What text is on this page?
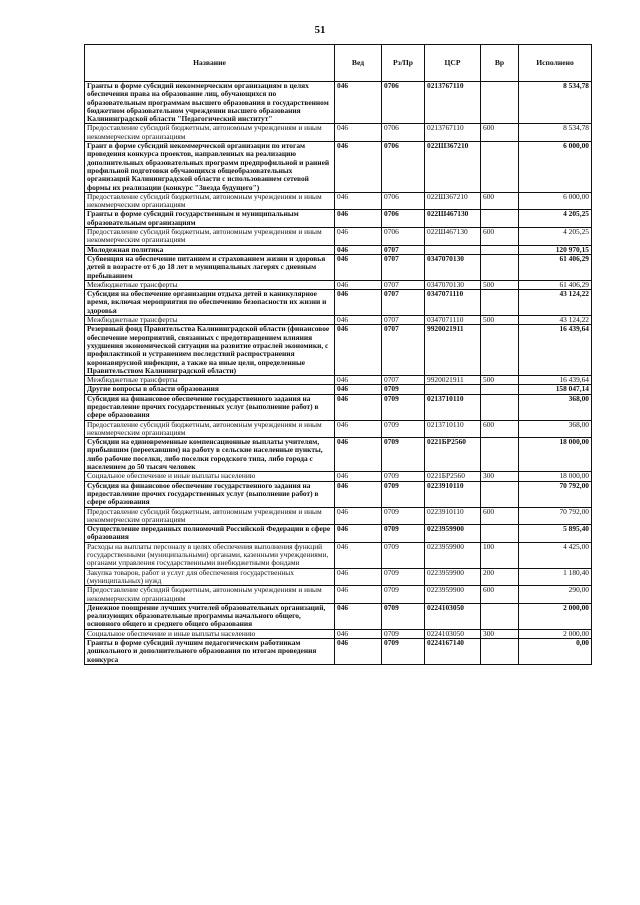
51
Название	Вед	Рз/Пр	ЦСР	Вр	Исполнено
Гранты в форме субсидий некоммерческим организациям в целях обеспечения права на образование лиц, обучающихся по образовательным программам высшего образования в государственном бюджетном образовательном учреждении высшего образования Калининградской области "Педагогический институт"	046	0706	0213767110		8 534,78
Предоставление субсидий бюджетным, автономным учреждениям и иным некоммерческим организациям	046	0706	0213767110	600	8 534,78
Грант в форме субсидий некоммерческой организации по итогам проведения конкурса проектов, направленных на реализацию дополнительных образовательных программ предпрофильной и ранней профильной подготовки обучающихся общеобразовательных организаций Калининградской области с использованием сетевой формы их реализации (конкурс "Звезда будущего")	046	0706	022Ш367210		6 000,00
Предоставление субсидий бюджетным, автономным учреждениям и иным некоммерческим организациям	046	0706	022Ш367210	600	6 000,00
Гранты в форме субсидий государственным и муниципальным образовательным организациям	046	0706	022Ш467130		4 205,25
Предоставление субсидий бюджетным, автономным учреждениям и иным некоммерческим организациям	046	0706	022Ш467130	600	4 205,25
Молодежная политика	046	0707			120 970,15
Субвенция на обеспечение питанием и страхованием жизни и здоровья детей в возрасте от 6 до 18 лет в муниципальных лагерях с дневным пребыванием	046	0707	0347070130		61 406,29
Межбюджетные трансферты	046	0707	0347070130	500	61 406,29
Субсидия на обеспечение организации отдыха детей в каникулярное время, включая мероприятия по обеспечению безопасности их жизни и здоровья	046	0707	0347071110		43 124,22
Межбюджетные трансферты	046	0707	0347071110	500	43 124,22
Резервный фонд Правительства Калининградской области (финансовое обеспечение мероприятий, связанных с предотвращением влияния ухудшения экономической ситуации на развитие отраслей экономики, с профилактикой и устранением последствий распространения коронавирусной инфекции, а также на иные цели, определенные Правительством Калининградской области)	046	0707	9920021911		16 439,64
Межбюджетные трансферты	046	0707	9920021911	500	16 439,64
Другие вопросы в области образования	046	0709			158 047,14
Субсидия на финансовое обеспечение государственного задания на предоставление прочих государственных услуг (выполнение работ) в сфере образования	046	0709	0213710110		368,00
Предоставление субсидий бюджетным, автономным учреждениям и иным некоммерческим организациям	046	0709	0213710110	600	368,00
Субсидии на единовременные компенсационные выплаты учителям, прибывшим (переехавшим) на работу в сельские населенные пункты, либо рабочие поселки, либо поселки городского типа, либо города с населением до 50 тысяч человек	046	0709	0221БР2560		18 000,00
Социальное обеспечение и иные выплаты населению	046	0709	0221БР2560	300	18 000,00
Субсидия на финансовое обеспечение государственного задания на предоставление прочих государственных услуг (выполнение работ) в сфере образования	046	0709	0223910110		70 792,00
Предоставление субсидий бюджетным, автономным учреждениям и иным некоммерческим организациям	046	0709	0223910110	600	70 792,00
Осуществление переданных полномочий Российской Федерации в сфере образования	046	0709	0223959900		5 895,40
Расходы на выплаты персоналу в целях обеспечения выполнения функций государственными (муниципальными) органами, казенными учреждениями, органами управления государственными внебюджетными фондами	046	0709	0223959900	100	4 425,00
Закупка товаров, работ и услуг для обеспечения государственных (муниципальных) нужд	046	0709	0223959900	200	1 180,40
Предоставление субсидий бюджетным, автономным учреждениям и иным некоммерческим организациям	046	0709	0223959900	600	290,00
Денежное поощрение лучших учителей образовательных организаций, реализующих образовательные программы начального общего, основного общего и среднего общего образования	046	0709	0224103050		2 000,00
Социальное обеспечение и иные выплаты населению	046	0709	0224103050	300	2 000,00
Гранты в форме субсидий лучшим педагогическим работникам дошкольного и дополнительного образования по итогам проведения конкурса	046	0709	0224167140		0,00
